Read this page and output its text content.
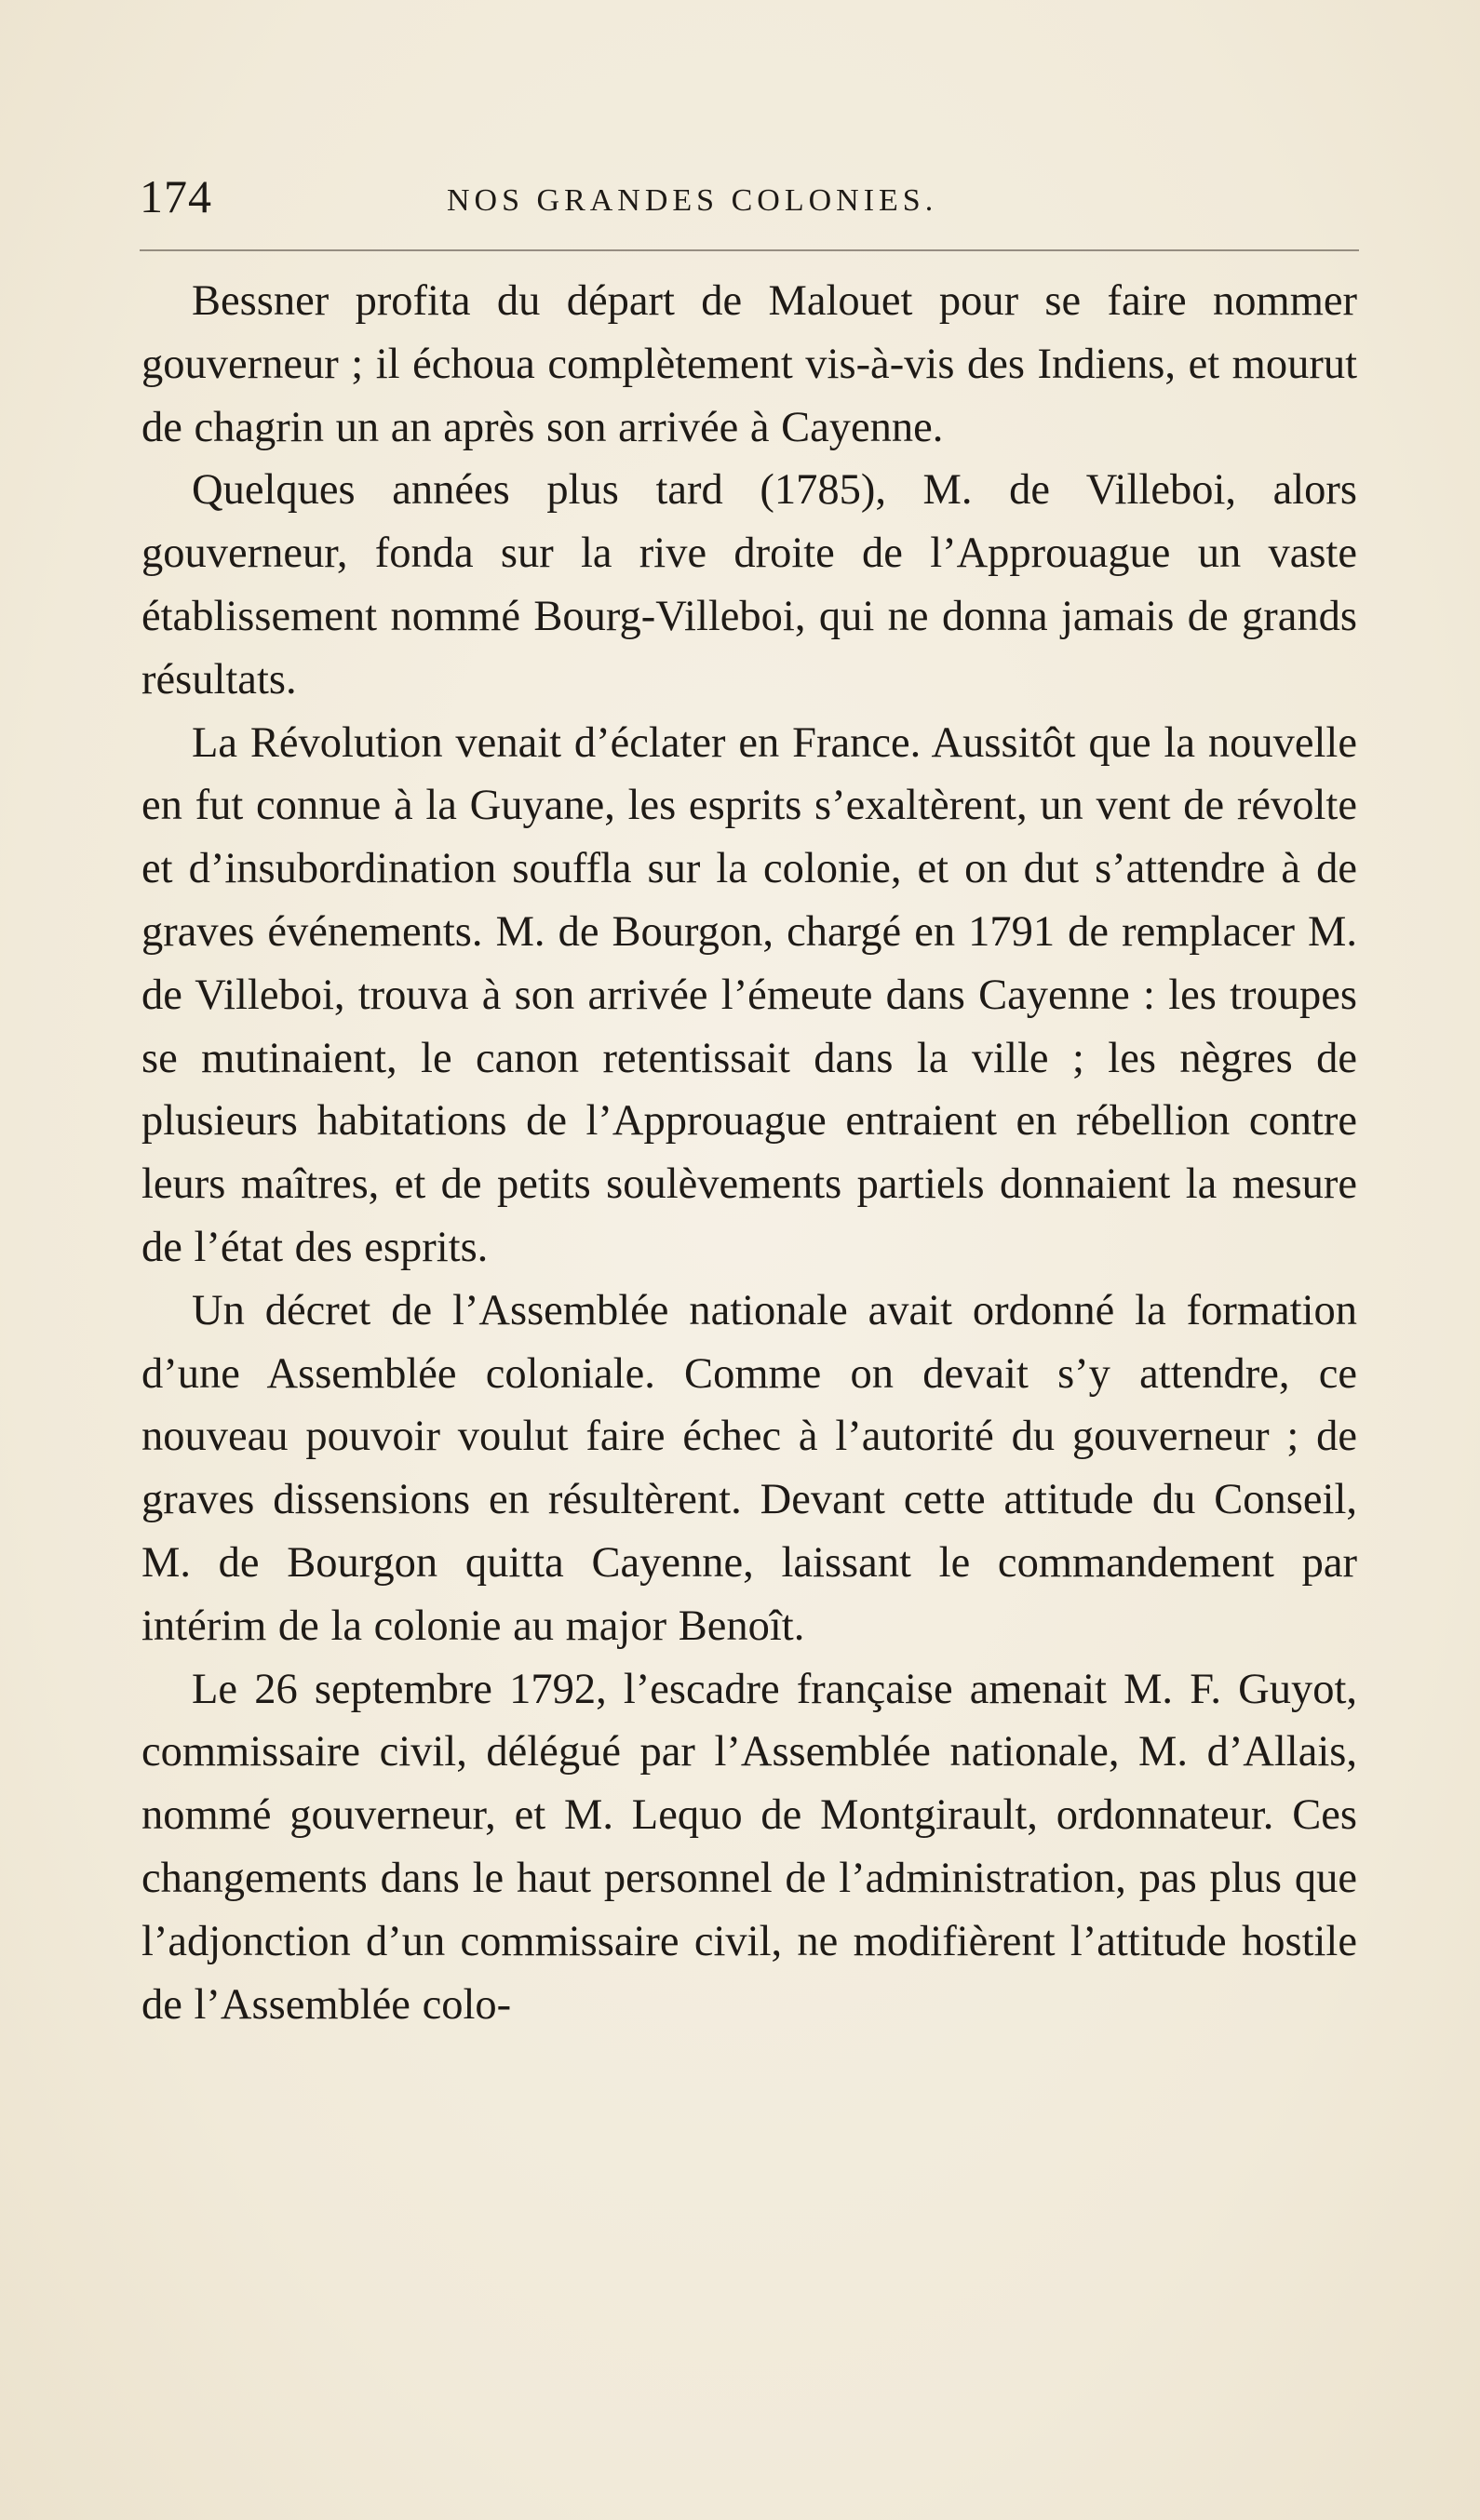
174	NOS GRANDES COLONIES.

Bessner profita du départ de Malouet pour se faire nommer gouverneur ; il échoua complètement vis-à-vis des Indiens, et mourut de chagrin un an après son arrivée à Cayenne.

Quelques années plus tard (1785), M. de Villeboi, alors gouverneur, fonda sur la rive droite de l’Approuague un vaste établissement nommé Bourg-Villeboi, qui ne donna jamais de grands résultats.

La Révolution venait d’éclater en France. Aussitôt que la nouvelle en fut connue à la Guyane, les esprits s’exaltèrent, un vent de révolte et d’insubordination souffla sur la colonie, et on dut s’attendre à de graves événements. M. de Bourgon, chargé en 1791 de remplacer M. de Villeboi, trouva à son arrivée l’émeute dans Cayenne : les troupes se mutinaient, le canon retentissait dans la ville ; les nègres de plusieurs habitations de l’Approuague entraient en rébellion contre leurs maîtres, et de petits soulèvements partiels donnaient la mesure de l’état des esprits.

Un décret de l’Assemblée nationale avait ordonné la formation d’une Assemblée coloniale. Comme on devait s’y attendre, ce nouveau pouvoir voulut faire échec à l’autorité du gouverneur ; de graves dissensions en résultèrent. Devant cette attitude du Conseil, M. de Bourgon quitta Cayenne, laissant le commandement par intérim de la colonie au major Benoît.

Le 26 septembre 1792, l’escadre française amenait M. F. Guyot, commissaire civil, délégué par l’Assemblée nationale, M. d’Allais, nommé gouverneur, et M. Lequo de Montgirault, ordonnateur. Ces changements dans le haut personnel de l’administration, pas plus que l’adjonction d’un commissaire civil, ne modifièrent l’attitude hostile de l’Assemblée colo-
